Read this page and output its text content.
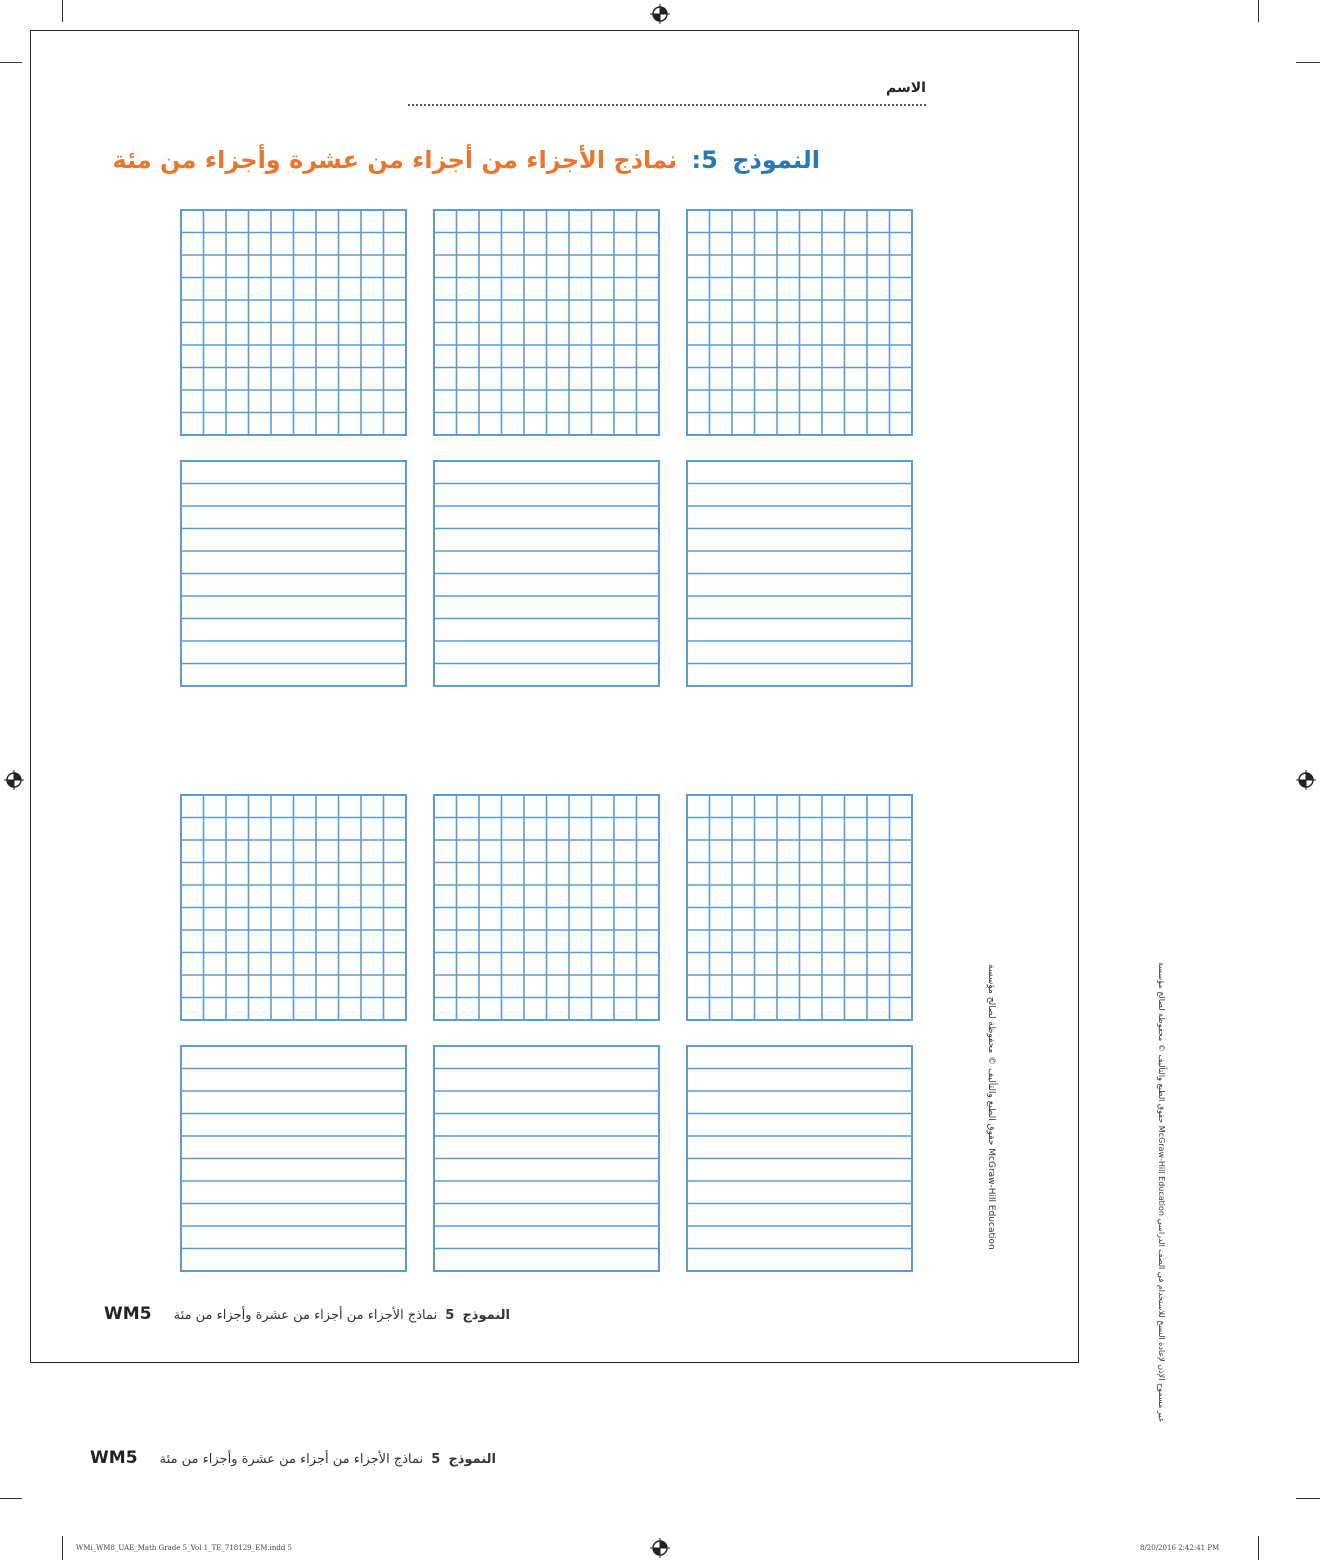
الاسم
النموذج 5: نماذج الأجزاء من أجزاء من عشرة وأجزاء من مئة
النموذج 5 نماذج الأجزاء من أجزاء من عشرة وأجزاء من مئة WM5
النموذج 5 نماذج الأجزاء من أجزاء من عشرة وأجزاء من مئة WM5
حقوق الطبع والتأليف © محفوظة لصالح مؤسسة McGraw-Hill Education
حقوق الطبع والتأليف © محفوظة لصالح مؤسسة McGraw-Hill Education غير مسموح الإذن لإعادة النسخ للاستخدام في الصف الدراسي
WMi_WM8_UAE_Math Grade 5_Vol 1_TE_718129_EM.indd 5	8/20/2016 2:42:41 PM
